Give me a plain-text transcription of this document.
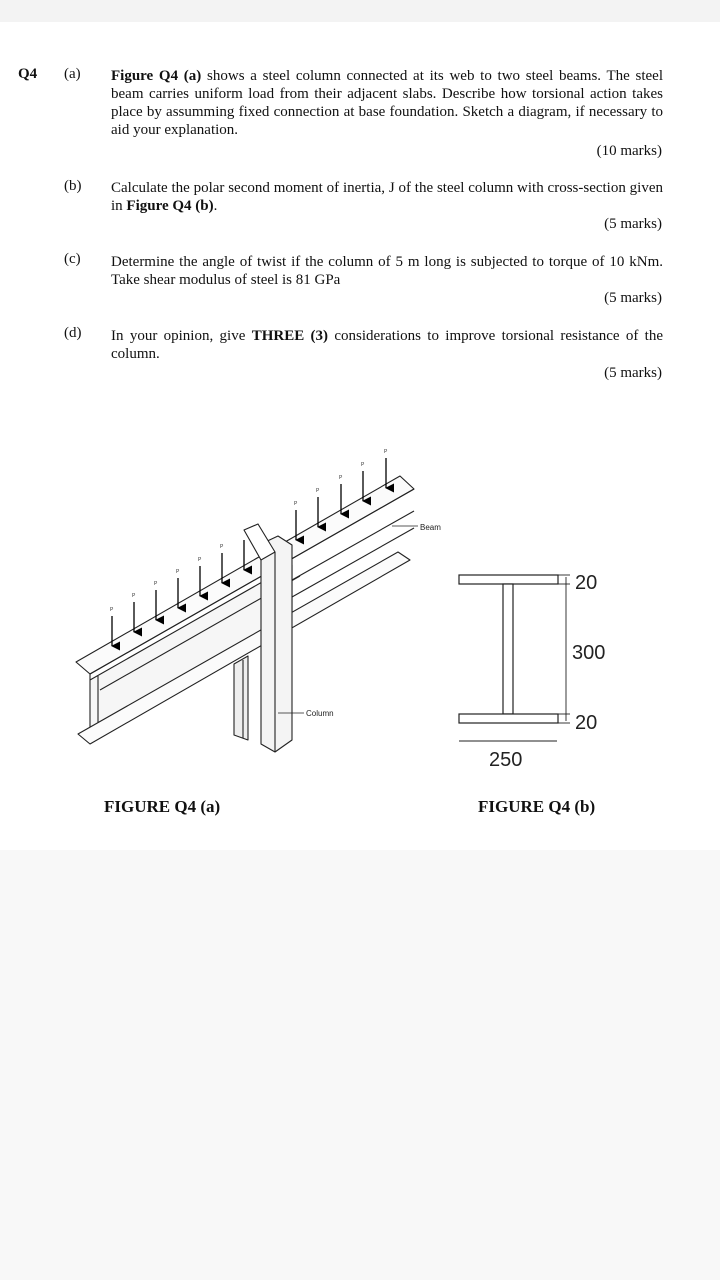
Q4 (a) Figure Q4 (a) shows a steel column connected at its web to two steel beams. The steel beam carries uniform load from their adjacent slabs. Describe how torsional action takes place by assumming fixed connection at base foundation. Sketch a diagram, if necessary to aid your explanation.
(10 marks)
(b) Calculate the polar second moment of inertia, J of the steel column with cross-section given in Figure Q4 (b).
(5 marks)
(c) Determine the angle of twist if the column of 5 m long is subjected to torque of 10 kNm. Take shear modulus of steel is 81 GPa
(5 marks)
(d) In your opinion, give THREE (3) considerations to improve torsional resistance of the column.
(5 marks)
P
P
P
P
P
P
P
P
P
P
P
Beam
Column
20
300
20
250
FIGURE Q4 (a)	FIGURE Q4 (b)
